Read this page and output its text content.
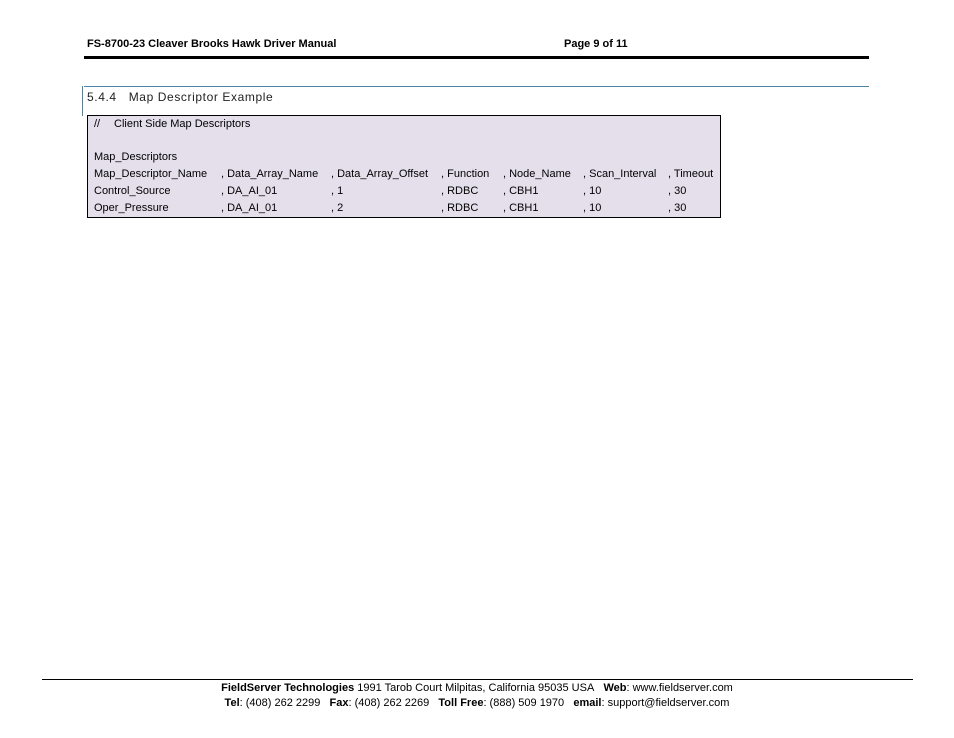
FS-8700-23 Cleaver Brooks Hawk Driver Manual	Page 9 of 11
5.4.4 Map Descriptor Example
// Client Side Map Descriptors
Map_Descriptors
Map_Descriptor_Name , Data_Array_Name , Data_Array_Offset , Function , Node_Name , Scan_Interval , Timeout
Control_Source	, DA_AI_01	, 1	, RDBC , CBH1	, 10	, 30
Oper_Pressure	, DA_AI_01	, 2	, RDBC , CBH1	, 10	, 30
FieldServer Technologies 1991 Tarob Court Milpitas, California 95035 USA Web: www.fieldserver.com
Tel: (408) 262 2299 Fax: (408) 262 2269 Toll Free: (888) 509 1970 email: support@fieldserver.com
